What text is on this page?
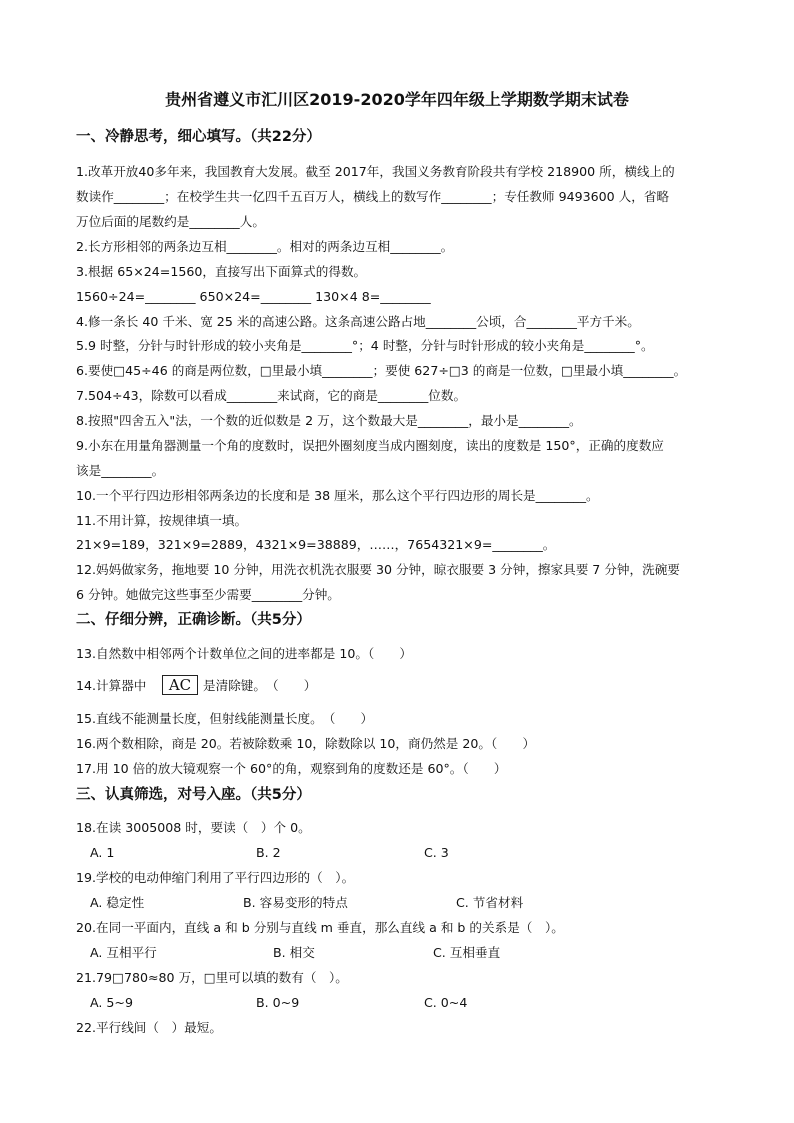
贵州省遵义市汇川区2019-2020学年四年级上学期数学期末试卷
一、冷静思考，细心填写。（共22分）
1.改革开放40多年来，我国教育大发展。截至 2017年，我国义务教育阶段共有学校 218900 所，横线上的
数读作________；在校学生共一亿四千五百万人，横线上的数写作________；专任教师 9493600 人，省略
万位后面的尾数约是________人。
2.长方形相邻的两条边互相________。相对的两条边互相________。
3.根据 65×24=1560，直接写出下面算式的得数。
1560÷24=________ 650×24=________ 130×4 8=________
4.修一条长 40 千米、宽 25 米的高速公路。这条高速公路占地________公顷，合________平方千米。
5.9 时整，分针与时针形成的较小夹角是________°；4 时整，分针与时针形成的较小夹角是________°。
6.要使□45÷46 的商是两位数，□里最小填________；要使 627÷□3 的商是一位数，□里最小填________。
7.504÷43，除数可以看成________来试商，它的商是________位数。
8.按照"四舍五入"法，一个数的近似数是 2 万，这个数最大是________，最小是________。
9.小东在用量角器测量一个角的度数时，误把外圈刻度当成内圈刻度，读出的度数是 150°，正确的度数应
该是________。
10.一个平行四边形相邻两条边的长度和是 38 厘米，那么这个平行四边形的周长是________。
11.不用计算，按规律填一填。
21×9=189，321×9=2889，4321×9=38889，……，7654321×9=________。
12.妈妈做家务，拖地要 10 分钟，用洗衣机洗衣服要 30 分钟，晾衣服要 3 分钟，擦家具要 7 分钟，洗碗要
6 分钟。她做完这些事至少需要________分钟。
二、仔细分辨，正确诊断。（共5分）
13.自然数中相邻两个计数单位之间的进率都是 10。（　　）
14.计算器中	AC 是清除键。　（　　）
15.直线不能测量长度，但射线能测量长度。　（　　）
16.两个数相除，商是 20。若被除数乘 10，除数除以 10，商仍然是 20。（　　）
17.用 10 倍的放大镜观察一个 60°的角，观察到角的度数还是 60°。（　　）
三、认真筛选，对号入座。（共5分）
18.在读 3005008 时，要读（　）个 0。
A. 1	B. 2	C. 3
19.学校的电动伸缩门利用了平行四边形的（　）。
A. 稳定性	B. 容易变形的特点	C. 节省材料
20.在同一平面内，直线 a 和 b 分别与直线 m 垂直，那么直线 a 和 b 的关系是（　）。
A. 互相平行	B. 相交	C. 互相垂直
21.79□780≈80 万，□里可以填的数有（　）。
A. 5~9	B. 0~9	C. 0~4
22.平行线间（　）最短。
